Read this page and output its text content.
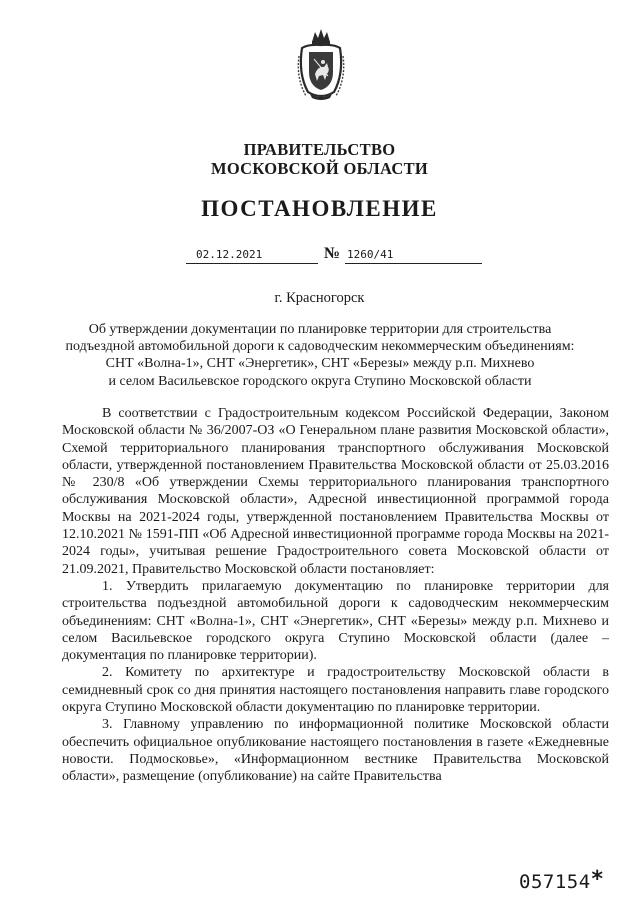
ПРАВИТЕЛЬСТВО
МОСКОВСКОЙ ОБЛАСТИ
ПОСТАНОВЛЕНИЕ
02.12.2021	№ 1260/41
г. Красногорск
Об утверждении документации по планировке территории для строительства
подъездной автомобильной дороги к садоводческим некоммерческим объединениям:
СНТ «Волна-1», СНТ «Энергетик», СНТ «Березы» между р.п. Михнево
и селом Васильевское городского округа Ступино Московской области

В соответствии с Градостроительным кодексом Российской Федерации, Законом Московской области № 36/2007-ОЗ «О Генеральном плане развития Московской области», Схемой территориального планирования транспортного обслуживания Московской области, утвержденной постановлением Правительства Московской области от 25.03.2016 № 230/8 «Об утверждении Схемы территориального планирования транспортного обслуживания Московской области», Адресной инвестиционной программой города Москвы на 2021-2024 годы, утвержденной постановлением Правительства Москвы от 12.10.2021 № 1591-ПП «Об Адресной инвестиционной программе города Москвы на 2021-2024 годы», учитывая решение Градостроительного совета Московской области от 21.09.2021, Правительство Московской области постановляет:

1. Утвердить прилагаемую документацию по планировке территории для строительства подъездной автомобильной дороги к садоводческим некоммерческим объединениям: СНТ «Волна-1», СНТ «Энергетик», СНТ «Березы» между р.п. Михнево и селом Васильевское городского округа Ступино Московской области (далее – документация по планировке территории).

2. Комитету по архитектуре и градостроительству Московской области в семидневный срок со дня принятия настоящего постановления направить главе городского округа Ступино Московской области документацию по планировке территории.

3. Главному управлению по информационной политике Московской области обеспечить официальное опубликование настоящего постановления в газете «Ежедневные новости. Подмосковье», «Информационном вестнике Правительства Московской области», размещение (опубликование) на сайте Правительства

057154*
